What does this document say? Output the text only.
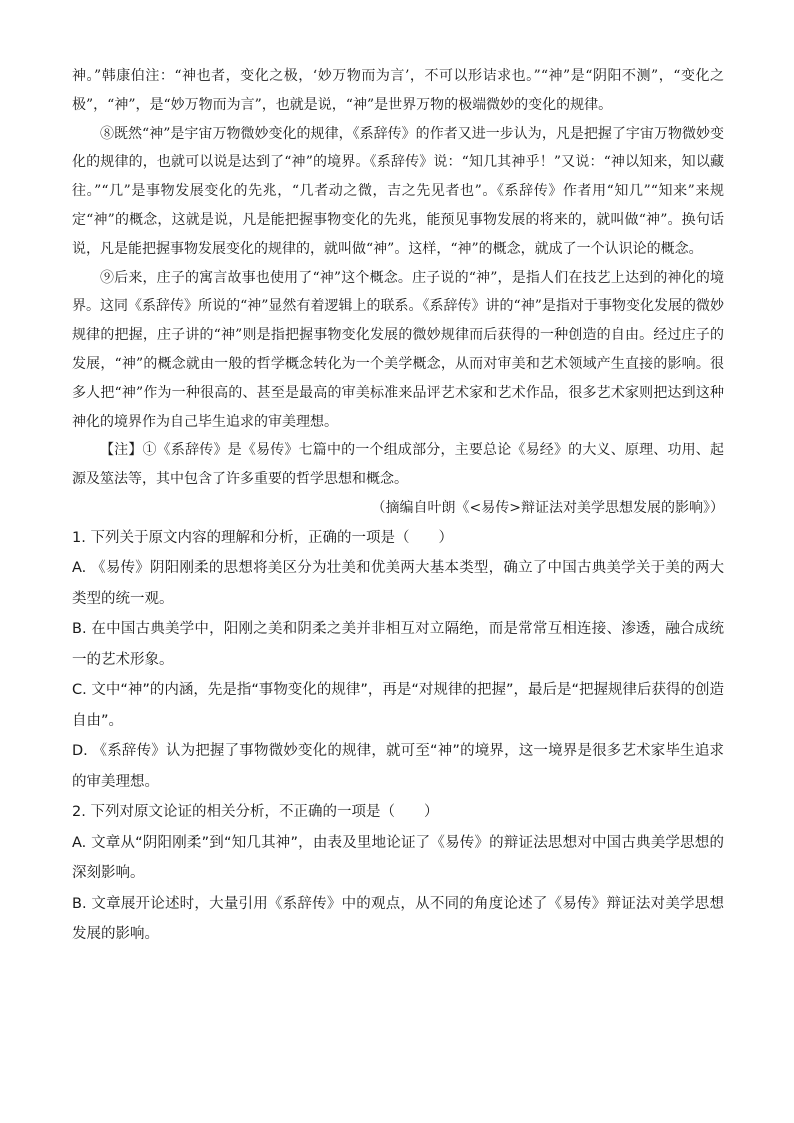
神。”韩康伯注：“神也者，变化之极，‘妙万物而为言’，不可以形诘求也。”“神”是“阴阳不测”，“变化之极”，“神”，是“妙万物而为言”，也就是说，“神”是世界万物的极端微妙的变化的规律。

⑧既然“神”是宇宙万物微妙变化的规律，《系辞传》的作者又进一步认为，凡是把握了宇宙万物微妙变化的规律的，也就可以说是达到了“神”的境界。《系辞传》说：“知几其神乎！”又说：“神以知来，知以藏往。”“几”是事物发展变化的先兆，“几者动之微，吉之先见者也”。《系辞传》作者用“知几”“知来”来规定“神”的概念，这就是说，凡是能把握事物变化的先兆，能预见事物发展的将来的，就叫做“神”。换句话说，凡是能把握事物发展变化的规律的，就叫做“神”。这样，“神”的概念，就成了一个认识论的概念。

⑨后来，庄子的寓言故事也使用了“神”这个概念。庄子说的“神”，是指人们在技艺上达到的神化的境界。这同《系辞传》所说的“神”显然有着逻辑上的联系。《系辞传》讲的“神”是指对于事物变化发展的微妙规律的把握，庄子讲的“神”则是指把握事物变化发展的微妙规律而后获得的一种创造的自由。经过庄子的发展，“神”的概念就由一般的哲学概念转化为一个美学概念，从而对审美和艺术领域产生直接的影响。很多人把“神”作为一种很高的、甚至是最高的审美标准来品评艺术家和艺术作品，很多艺术家则把达到这种神化的境界作为自己毕生追求的审美理想。

【注】①《系辞传》是《易传》七篇中的一个组成部分，主要总论《易经》的大义、原理、功用、起源及筮法等，其中包含了许多重要的哲学思想和概念。

（摘编自叶朗《<易传>辩证法对美学思想发展的影响》）

1. 下列关于原文内容的理解和分析，正确的一项是（　　）

A. 《易传》阴阳刚柔的思想将美区分为壮美和优美两大基本类型，确立了中国古典美学关于美的两大类型的统一观。

B. 在中国古典美学中，阳刚之美和阴柔之美并非相互对立隔绝，而是常常互相连接、渗透，融合成统一的艺术形象。

C. 文中“神”的内涵，先是指“事物变化的规律”，再是“对规律的把握”，最后是“把握规律后获得的创造自由”。

D. 《系辞传》认为把握了事物微妙变化的规律，就可至“神”的境界，这一境界是很多艺术家毕生追求的审美理想。

2. 下列对原文论证的相关分析，不正确的一项是（　　）

A. 文章从“阴阳刚柔”到“知几其神”，由表及里地论证了《易传》的辩证法思想对中国古典美学思想的深刻影响。

B. 文章展开论述时，大量引用《系辞传》中的观点，从不同的角度论述了《易传》辩证法对美学思想发展的影响。
